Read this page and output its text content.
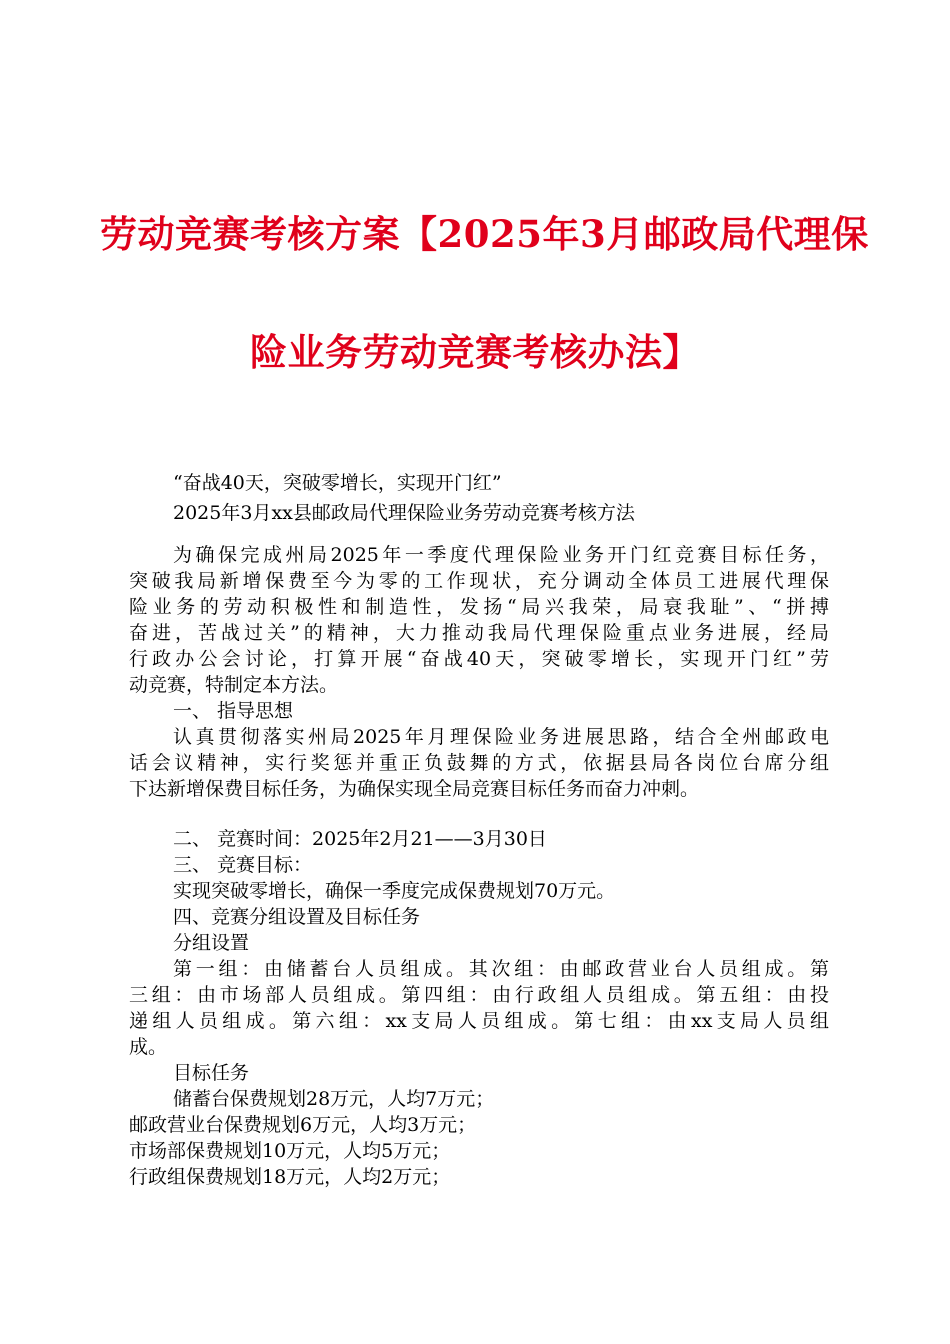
劳动竞赛考核方案【2025年3月邮政局代理保
险业务劳动竞赛考核办法】
“奋战40天，突破零增长，实现开门红”
2025年3月xx县邮政局代理保险业务劳动竞赛考核方法
为确保完成州局2025年一季度代理保险业务开门红竞赛目标任务，
突破我局新增保费至今为零的工作现状，充分调动全体员工进展代理保
险业务的劳动积极性和制造性，发扬“局兴我荣，局衰我耻”、“拼搏
奋进，苦战过关”的精神，大力推动我局代理保险重点业务进展，经局
行政办公会讨论，打算开展“奋战40天，突破零增长，实现开门红”劳
动竞赛，特制定本方法。
一、 指导思想
认真贯彻落实州局2025年月理保险业务进展思路，结合全州邮政电
话会议精神，实行奖惩并重正负鼓舞的方式，依据县局各岗位台席分组
下达新增保费目标任务，为确保实现全局竞赛目标任务而奋力冲刺。
二、 竞赛时间：2025年2月21——3月30日
三、 竞赛目标：
实现突破零增长，确保一季度完成保费规划70万元。
四、竞赛分组设置及目标任务
分组设置
第一组：由储蓄台人员组成。其次组：由邮政营业台人员组成。第
三组：由市场部人员组成。第四组：由行政组人员组成。第五组：由投
递组人员组成。第六组：xx支局人员组成。第七组：由xx支局人员组
成。
目标任务
储蓄台保费规划28万元，人均7万元；
邮政营业台保费规划6万元，人均3万元；
市场部保费规划10万元，人均5万元；
行政组保费规划18万元，人均2万元；
